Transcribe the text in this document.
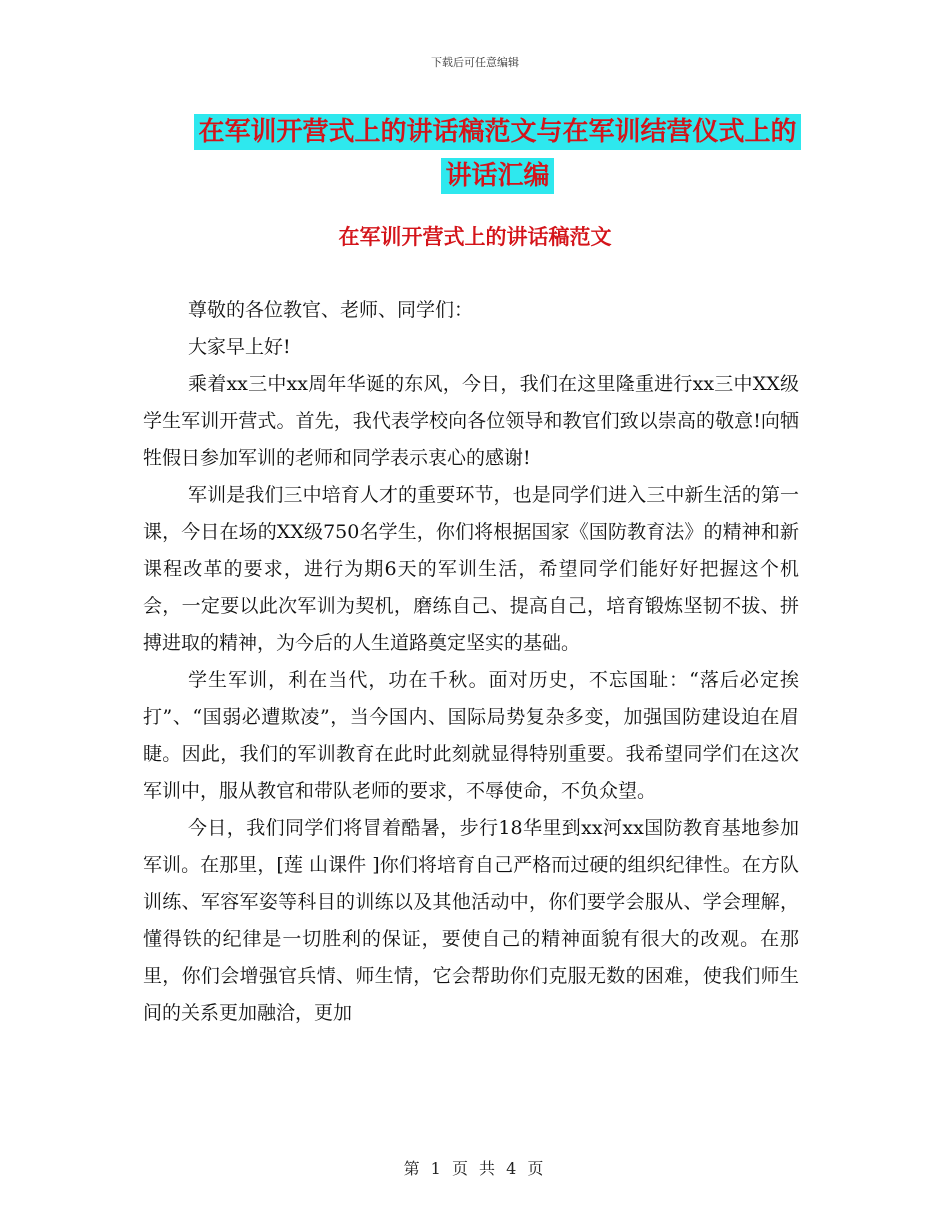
下载后可任意编辑
在军训开营式上的讲话稿范文与在军训结营仪式上的讲话汇编
在军训开营式上的讲话稿范文

尊敬的各位教官、老师、同学们：

大家早上好!

乘着xx三中xx周年华诞的东风，今日，我们在这里隆重进行xx三中XX级学生军训开营式。首先，我代表学校向各位领导和教官们致以崇高的敬意!向牺牲假日参加军训的老师和同学表示衷心的感谢!

军训是我们三中培育人才的重要环节，也是同学们进入三中新生活的第一课，今日在场的XX级750名学生，你们将根据国家《国防教育法》的精神和新课程改革的要求，进行为期6天的军训生活，希望同学们能好好把握这个机会，一定要以此次军训为契机，磨练自己、提高自己，培育锻炼坚韧不拔、拼搏进取的精神，为今后的人生道路奠定坚实的基础。

学生军训，利在当代，功在千秋。面对历史，不忘国耻：“落后必定挨打”、“国弱必遭欺凌”，当今国内、国际局势复杂多变，加强国防建设迫在眉睫。因此，我们的军训教育在此时此刻就显得特别重要。我希望同学们在这次军训中，服从教官和带队老师的要求，不辱使命，不负众望。

今日，我们同学们将冒着酷暑，步行18华里到xx河xx国防教育基地参加军训。在那里，[莲 山课件 ]你们将培育自己严格而过硬的组织纪律性。在方队训练、军容军姿等科目的训练以及其他活动中，你们要学会服从、学会理解，懂得铁的纪律是一切胜利的保证，要使自己的精神面貌有很大的改观。在那里，你们会增强官兵情、师生情，它会帮助你们克服无数的困难，使我们师生间的关系更加融洽，更加

第 1 页 共 4 页
